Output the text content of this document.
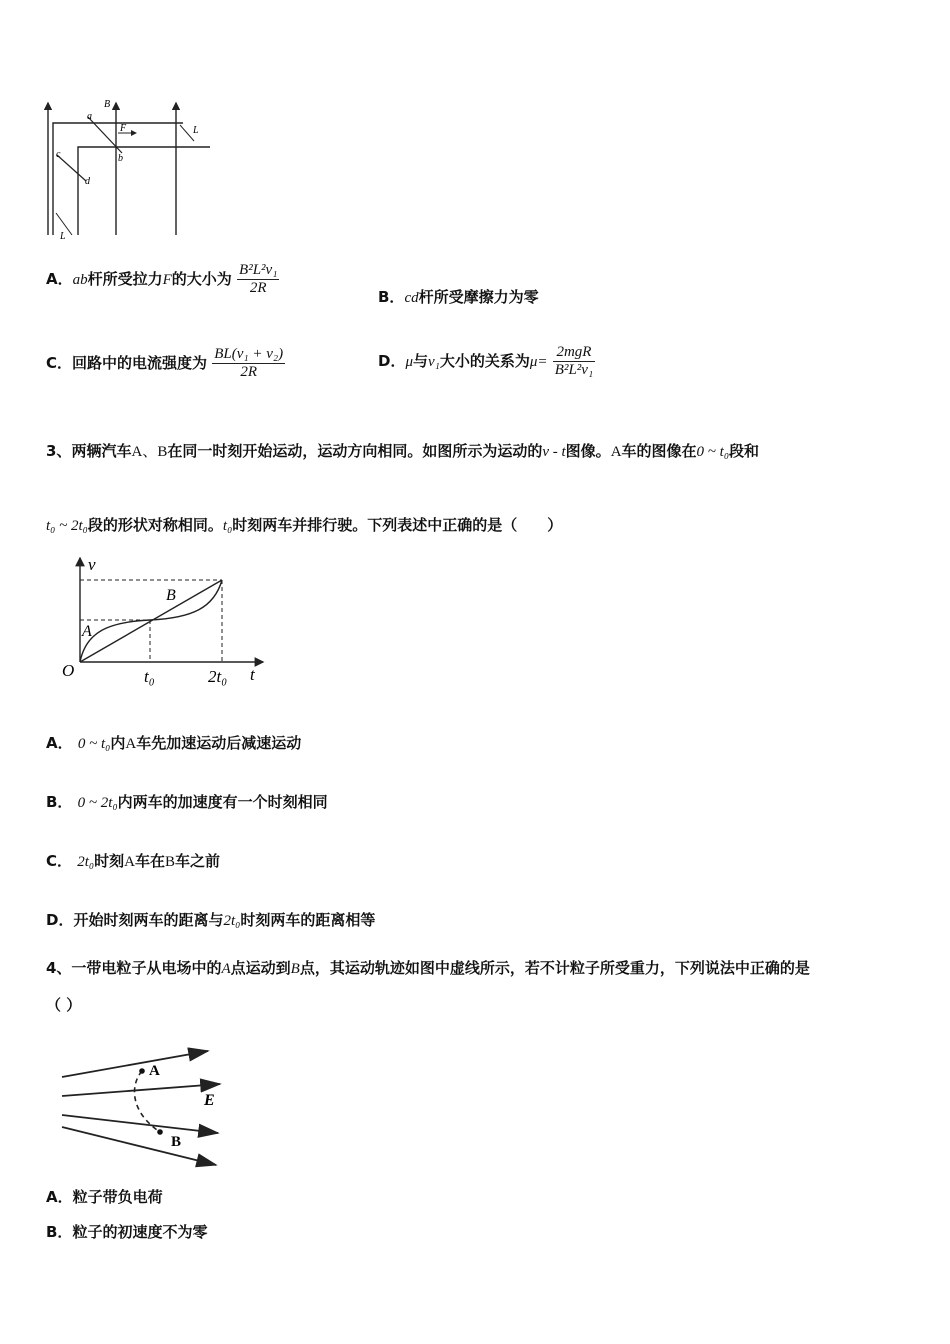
B
a
F
b
c
d
L
L
A．ab杆所受拉力F的大小为 $\frac{\text{B²L²v₁}}{2R}$	B．cd杆所受摩擦力为零
C．回路中的电流强度为 $\frac{\text{BL(v₁ + v₂)}}{2R}$	D．μ与v₁大小的关系为$\mu= \frac{\text{2mgR}}{\text{B²L²v₁}}$
3、两辆汽车A、B在同一时刻开始运动，运动方向相同。如图所示为运动的v - t图像。A车的图像在0 ~ t₀段和
t₀ ~ 2t₀段的形状对称相同。t₀时刻两车并排行驶。下列表述中正确的是（　　）
v
t
O	t₀	2t₀
A
B
A． 0 ~ t₀内A车先加速运动后减速运动
B． 0 ~ 2t₀内两车的加速度有一个时刻相同
C． 2t₀时刻A车在B车之前
D．开始时刻两车的距离与2t₀时刻两车的距离相等
4、一带电粒子从电场中的A点运动到B点，其运动轨迹如图中虚线所示，若不计粒子所受重力，下列说法中正确的是
（ ）
A
B
E
A．粒子带负电荷
B．粒子的初速度不为零
